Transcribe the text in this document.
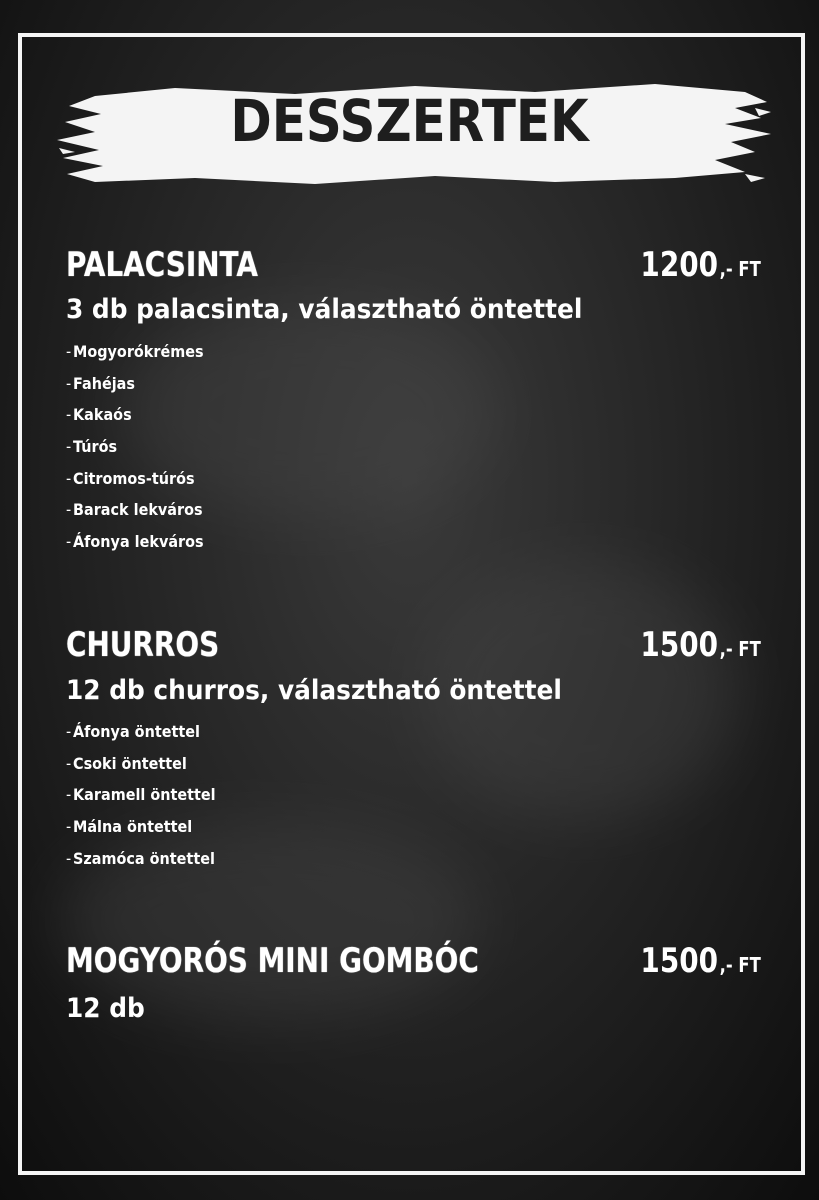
DESSZERTEK
PALACSINTA	1200,- FT
3 db palacsinta, választható öntettel
- Mogyorókrémes
- Fahéjas
- Kakaós
- Túrós
- Citromos-túrós
- Barack lekváros
- Áfonya lekváros
CHURROS	1500,- FT
12 db churros, választható öntettel
- Áfonya öntettel
- Csoki öntettel
- Karamell öntettel
- Málna öntettel
- Szamóca öntettel
MOGYORÓS MINI GOMBÓC	1500,- FT
12 db
